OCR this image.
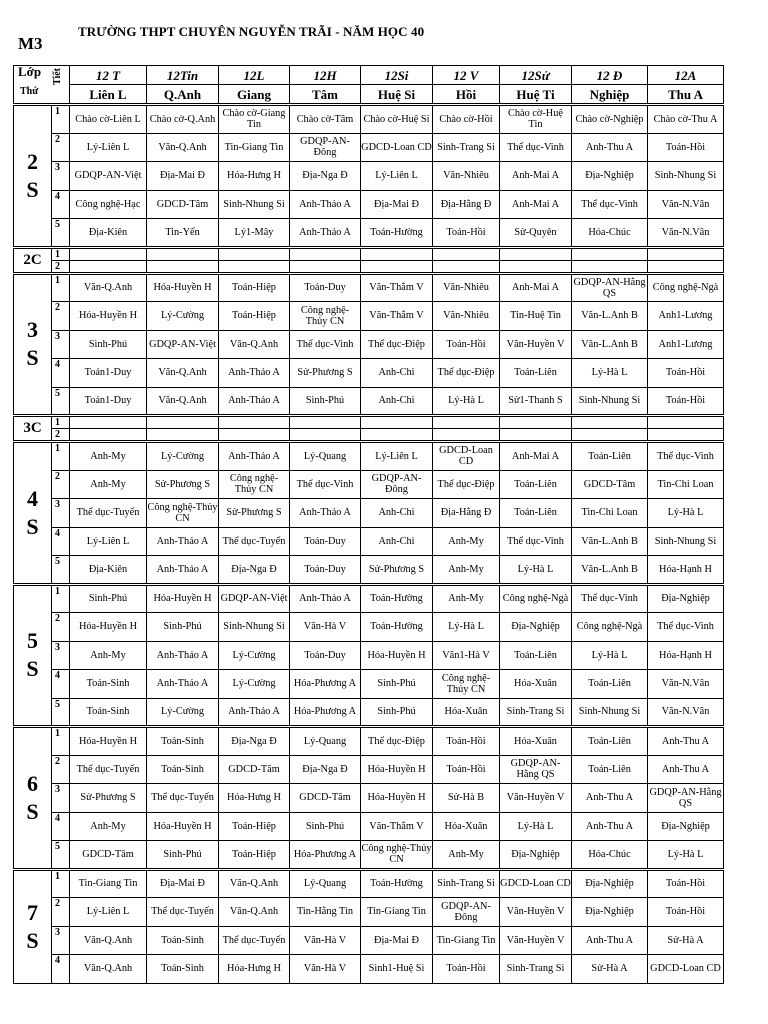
M3
TRƯỜNG THPT CHUYÊN NGUYỄN TRÃI - NĂM HỌC 40
Lớp
Thứ
Tiết		12 T	12Tin	12L	12H	12Si	12 V	12Sử	12 Đ	12A
		Liên L	Q.Anh	Giang	Tâm	Huệ Si	Hồi	Huệ Ti	Nghiệp	Thu A
2
S	1	Chào cờ-Liên L	Chào cờ-Q.Anh	Chào cờ-Giang Tin	Chào cờ-Tâm	Chào cờ-Huệ Si	Chào cờ-Hồi	Chào cờ-Huệ Tin	Chào cờ-Nghiệp	Chào cờ-Thu A
	2	Lý-Liên L	Văn-Q.Anh	Tin-Giang Tin	GDQP-AN-Đông	GDCD-Loan CD	Sinh-Trang Si	Thể dục-Vinh	Anh-Thu A	Toán-Hồi
	3	GDQP-AN-Việt	Địa-Mai Đ	Hóa-Hưng H	Địa-Nga Đ	Lý-Liên L	Văn-Nhiêu	Anh-Mai A	Địa-Nghiệp	Sinh-Nhung Si
	4	Công nghệ-Hạc	GDCD-Tâm	Sinh-Nhung Si	Anh-Thảo A	Địa-Mai Đ	Địa-Hằng Đ	Anh-Mai A	Thể dục-Vinh	Văn-N.Vân
	5	Địa-Kiên	Tin-Yến	Lý1-Mây	Anh-Thảo A	Toán-Hường	Toán-Hồi	Sử-Quyên	Hóa-Chúc	Văn-N.Vân
2C	1									
	2									
3
S	1	Văn-Q.Anh	Hóa-Huyền H	Toán-Hiệp	Toán-Duy	Văn-Thắm V	Văn-Nhiêu	Anh-Mai A	GDQP-AN-Hằng QS	Công nghệ-Ngà
	2	Hóa-Huyền H	Lý-Cường	Toán-Hiệp	Công nghệ-Thủy CN	Văn-Thắm V	Văn-Nhiêu	Tin-Huệ Tin	Văn-L.Anh B	Anh1-Lương
	3	Sinh-Phú	GDQP-AN-Việt	Văn-Q.Anh	Thể dục-Vinh	Thể dục-Điệp	Toán-Hồi	Văn-Huyền V	Văn-L.Anh B	Anh1-Lương
	4	Toán1-Duy	Văn-Q.Anh	Anh-Thảo A	Sử-Phương S	Anh-Chi	Thể dục-Điệp	Toán-Liên	Lý-Hà L	Toán-Hồi
	5	Toán1-Duy	Văn-Q.Anh	Anh-Thảo A	Sinh-Phú	Anh-Chi	Lý-Hà L	Sử1-Thanh S	Sinh-Nhung Si	Toán-Hồi
3C	1									
	2									
4
S	1	Anh-My	Lý-Cường	Anh-Thảo A	Lý-Quang	Lý-Liên L	GDCD-Loan CD	Anh-Mai A	Toán-Liên	Thể dục-Vinh
	2	Anh-My	Sử-Phương S	Công nghệ-Thủy CN	Thể dục-Vinh	GDQP-AN-Đông	Thể dục-Điệp	Toán-Liên	GDCD-Tâm	Tin-Chi Loan
	3	Thể dục-Tuyến	Công nghệ-Thủy CN	Sử-Phương S	Anh-Thảo A	Anh-Chi	Địa-Hằng Đ	Toán-Liên	Tin-Chi Loan	Lý-Hà L
	4	Lý-Liên L	Anh-Thảo A	Thể dục-Tuyến	Toán-Duy	Anh-Chi	Anh-My	Thể dục-Vinh	Văn-L.Anh B	Sinh-Nhung Si
	5	Địa-Kiên	Anh-Thảo A	Địa-Nga Đ	Toán-Duy	Sử-Phương S	Anh-My	Lý-Hà L	Văn-L.Anh B	Hóa-Hạnh H
5
S	1	Sinh-Phú	Hóa-Huyền H	GDQP-AN-Việt	Anh-Thảo A	Toán-Hường	Anh-My	Công nghệ-Ngà	Thể dục-Vinh	Địa-Nghiệp
	2	Hóa-Huyền H	Sinh-Phú	Sinh-Nhung Si	Văn-Hà V	Toán-Hường	Lý-Hà L	Địa-Nghiệp	Công nghệ-Ngà	Thể dục-Vinh
	3	Anh-My	Anh-Thảo A	Lý-Cường	Toán-Duy	Hóa-Huyền H	Văn1-Hà V	Toán-Liên	Lý-Hà L	Hóa-Hạnh H
	4	Toán-Sinh	Anh-Thảo A	Lý-Cường	Hóa-Phương A	Sinh-Phú	Công nghệ-Thủy CN	Hóa-Xuân	Toán-Liên	Văn-N.Vân
	5	Toán-Sinh	Lý-Cường	Anh-Thảo A	Hóa-Phương A	Sinh-Phú	Hóa-Xuân	Sinh-Trang Si	Sinh-Nhung Si	Văn-N.Vân
6
S	1	Hóa-Huyền H	Toán-Sinh	Địa-Nga Đ	Lý-Quang	Thể dục-Điệp	Toán-Hồi	Hóa-Xuân	Toán-Liên	Anh-Thu A
	2	Thể dục-Tuyến	Toán-Sinh	GDCD-Tâm	Địa-Nga Đ	Hóa-Huyền H	Toán-Hồi	GDQP-AN-Hằng QS	Toán-Liên	Anh-Thu A
	3	Sử-Phương S	Thể dục-Tuyến	Hóa-Hưng H	GDCD-Tâm	Hóa-Huyền H	Sử-Hà B	Văn-Huyền V	Anh-Thu A	GDQP-AN-Hằng QS
	4	Anh-My	Hóa-Huyền H	Toán-Hiệp	Sinh-Phú	Văn-Thắm V	Hóa-Xuân	Lý-Hà L	Anh-Thu A	Địa-Nghiệp
	5	GDCD-Tâm	Sinh-Phú	Toán-Hiệp	Hóa-Phương A	Công nghệ-Thủy CN	Anh-My	Địa-Nghiệp	Hóa-Chúc	Lý-Hà L
7
S	1	Tin-Giang Tin	Địa-Mai Đ	Văn-Q.Anh	Lý-Quang	Toán-Hường	Sinh-Trang Si	GDCD-Loan CD	Địa-Nghiệp	Toán-Hồi
	2	Lý-Liên L	Thể dục-Tuyến	Văn-Q.Anh	Tin-Hằng Tin	Tin-Giang Tin	GDQP-AN-Đông	Văn-Huyền V	Địa-Nghiệp	Toán-Hồi
	3	Văn-Q.Anh	Toán-Sinh	Thể dục-Tuyến	Văn-Hà V	Địa-Mai Đ	Tin-Giang Tin	Văn-Huyền V	Anh-Thu A	Sử-Hà A
	4	Văn-Q.Anh	Toán-Sinh	Hóa-Hưng H	Văn-Hà V	Sinh1-Huệ Si	Toán-Hồi	Sinh-Trang Si	Sử-Hà A	GDCD-Loan CD
